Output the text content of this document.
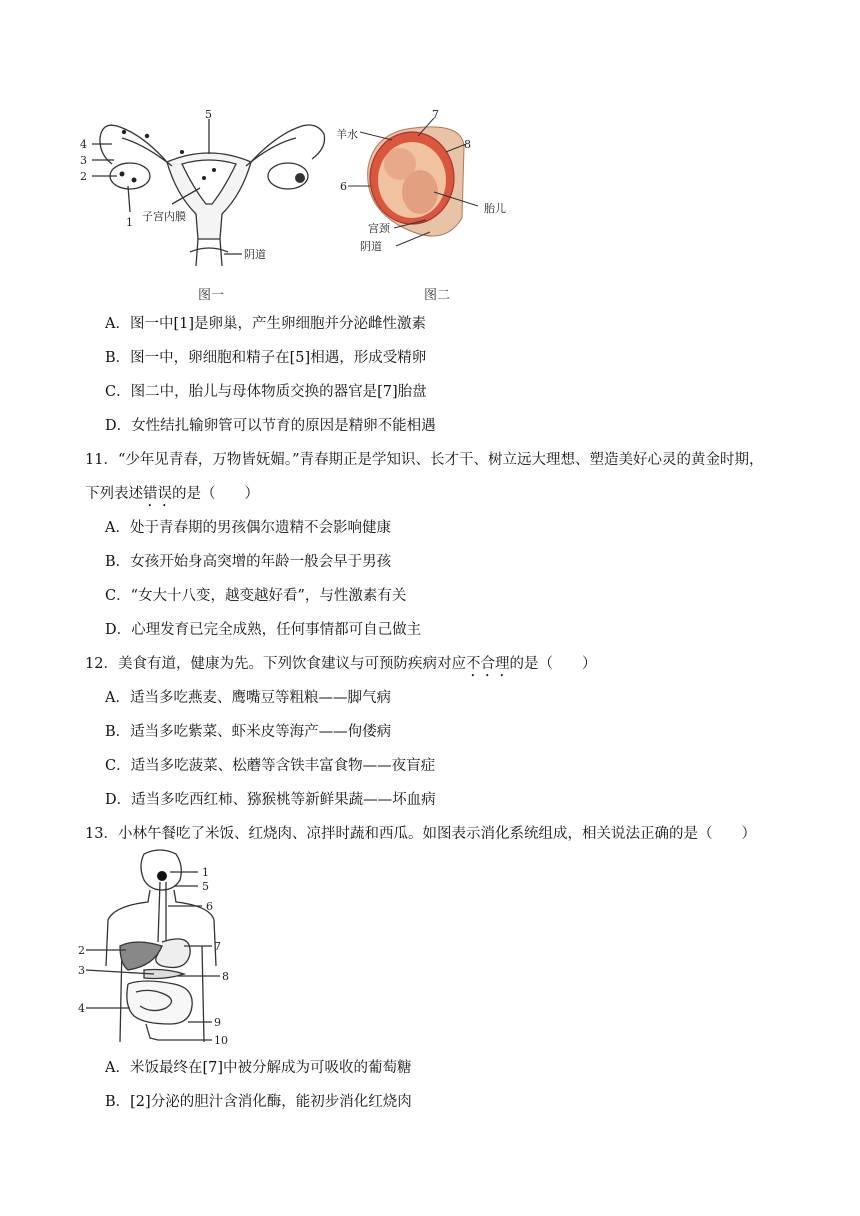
4
3
2
1
5
子宫内膜
阴道
图一
羊水
7
8
6
胎儿
宫颈
阴道
图二
A．图一中[1]是卵巢，产生卵细胞并分泌雌性激素
B．图一中，卵细胞和精子在[5]相遇，形成受精卵
C．图二中，胎儿与母体物质交换的器官是[7]胎盘
D．女性结扎输卵管可以节育的原因是精卵不能相遇
11．“少年见青春，万物皆妩媚。”青春期正是学知识、长才干、树立远大理想、塑造美好心灵的黄金时期，
下列表述错误的是（　　）
A．处于青春期的男孩偶尔遗精不会影响健康
B．女孩开始身高突增的年龄一般会早于男孩
C．“女大十八变，越变越好看”，与性激素有关
D．心理发育已完全成熟，任何事情都可自己做主
12．美食有道，健康为先。下列饮食建议与可预防疾病对应不合理的是（　　）
A．适当多吃燕麦、鹰嘴豆等粗粮——脚气病
B．适当多吃紫菜、虾米皮等海产——佝偻病
C．适当多吃菠菜、松蘑等含铁丰富食物——夜盲症
D．适当多吃西红柿、猕猴桃等新鲜果蔬——坏血病
13．小林午餐吃了米饭、红烧肉、凉拌时蔬和西瓜。如图表示消化系统组成，相关说法正确的是（　　）
1
5
6
2	7
3	8
4
9
10
A．米饭最终在[7]中被分解成为可吸收的葡萄糖
B．[2]分泌的胆汁含消化酶，能初步消化红烧肉
